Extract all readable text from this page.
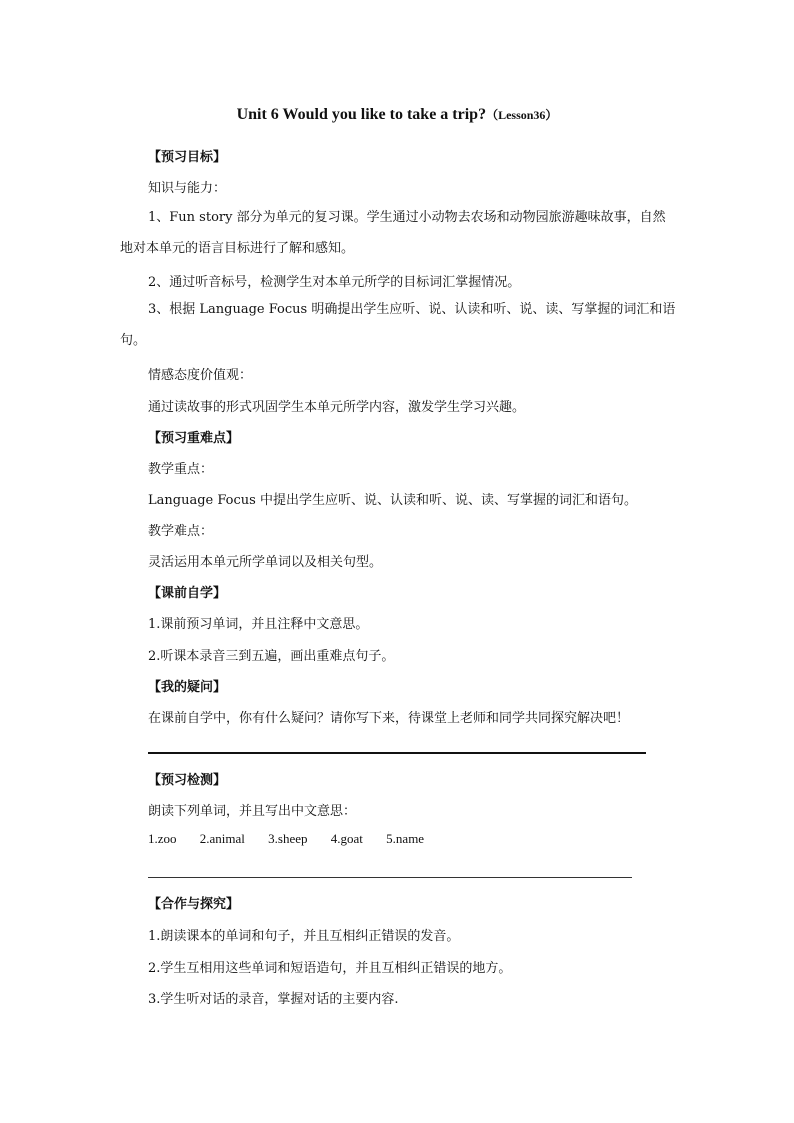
Unit 6 Would you like to take a trip?（Lesson36）
【预习目标】
知识与能力：
1、Fun story 部分为单元的复习课。学生通过小动物去农场和动物园旅游趣味故事，自然地对本单元的语言目标进行了解和感知。
2、通过听音标号，检测学生对本单元所学的目标词汇掌握情况。
3、根据 Language Focus 明确提出学生应听、说、认读和听、说、读、写掌握的词汇和语句。
情感态度价值观：
通过读故事的形式巩固学生本单元所学内容，激发学生学习兴趣。
【预习重难点】
教学重点：
Language Focus 中提出学生应听、说、认读和听、说、读、写掌握的词汇和语句。
教学难点：
灵活运用本单元所学单词以及相关句型。
【课前自学】
1.课前预习单词，并且注释中文意思。
2.听课本录音三到五遍，画出重难点句子。
【我的疑问】
在课前自学中，你有什么疑问？请你写下来，待课堂上老师和同学共同探究解决吧！
【预习检测】
朗读下列单词，并且写出中文意思：
1.zoo 2.animal 3.sheep 4.goat 5.name
【合作与探究】
1.朗读课本的单词和句子，并且互相纠正错误的发音。
2.学生互相用这些单词和短语造句，并且互相纠正错误的地方。
3.学生听对话的录音，掌握对话的主要内容.
